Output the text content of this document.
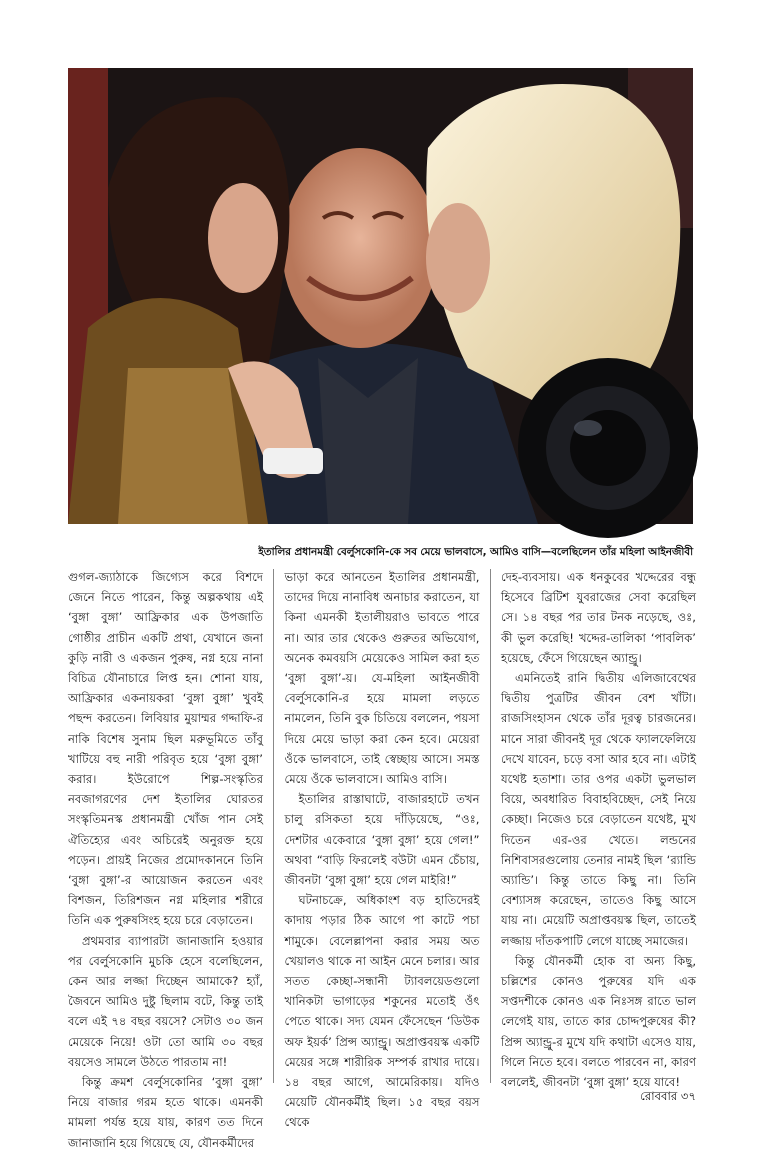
ইতালির প্রধানমন্ত্রী বের্লুসকোনি-কে সব মেয়ে ভালবাসে, আমিও বাসি—বলেছিলেন তাঁর মহিলা আইনজীবী

গুগল-জ্যাঠাকে জিগ্যেস করে বিশদে জেনে নিতে পারেন, কিন্তু অল্পকথায় এই ‘বুঙ্গা বুঙ্গা’ আফ্রিকার এক উপজাতি গোষ্ঠীর প্রাচীন একটি প্রথা, যেখানে জনা কুড়ি নারী ও একজন পুরুষ, নগ্ন হয়ে নানা বিচিত্র যৌনাচারে লিপ্ত হন। শোনা যায়, আফ্রিকার একনায়করা ‘বুঙ্গা বুঙ্গা’ খুবই পছন্দ করতেন। লিবিয়ার মুয়াম্মর গদ্দাফি-র নাকি বিশেষ সুনাম ছিল মরুভূমিতে তাঁবু খাটিয়ে বহু নারী পরিবৃত হয়ে ‘বুঙ্গা বুঙ্গা’ করার। ইউরোপে শিল্প-সংস্কৃতির নবজাগরণের দেশ ইতালির ঘোরতর সংস্কৃতিমনস্ক প্রধানমন্ত্রী খোঁজ পান সেই ঐতিহ্যের এবং অচিরেই অনুরক্ত হয়ে পড়েন। প্রায়ই নিজের প্রমোদকাননে তিনি ‘বুঙ্গা বুঙ্গা’-র আয়োজন করতেন এবং বিশজন, তিরিশজন নগ্ন মহিলার শরীরে তিনি এক পুরুষসিংহ হয়ে চরে বেড়াতেন।

প্রথমবার ব্যাপারটা জানাজানি হওয়ার পর বের্লুসকোনি মুচকি হেসে বলেছিলেন, কেন আর লজ্জা দিচ্ছেন আমাকে? হ্যাঁ, জৈবনে আমিও দুষ্টু ছিলাম বটে, কিন্তু তাই বলে এই ৭৪ বছর বয়সে? সেটাও ৩০ জন মেয়েকে নিয়ে! ওটা তো আমি ৩০ বছর বয়সেও সামলে উঠতে পারতাম না!

কিন্তু ক্রমশ বের্লুসকোনির ‘বুঙ্গা বুঙ্গা’ নিয়ে বাজার গরম হতে থাকে। এমনকী মামলা পর্যন্ত হয়ে যায়, কারণ তত দিনে জানাজানি হয়ে গিয়েছে যে, যৌনকর্মীদের

ভাড়া করে আনতেন ইতালির প্রধানমন্ত্রী, তাদের দিয়ে নানাবিধ অনাচার করাতেন, যা কিনা এমনকী ইতালীয়রাও ভাবতে পারে না। আর তার থেকেও গুরুতর অভিযোগ, অনেক কমবয়সি মেয়েকেও সামিল করা হত ‘বুঙ্গা বুঙ্গা’-য়। যে-মহিলা আইনজীবী বের্লুসকোনি-র হয়ে মামলা লড়তে নামলেন, তিনি বুক চিতিয়ে বললেন, পয়সা দিয়ে মেয়ে ভাড়া করা কেন হবে। মেয়েরা ওঁকে ভালবাসে, তাই স্বেচ্ছায় আসে। সমস্ত মেয়ে ওঁকে ভালবাসে। আমিও বাসি।

ইতালির রাস্তাঘাটে, বাজারহাটে তখন চালু রসিকতা হয়ে দাঁড়িয়েছে, “ওঃ, দেশটার একেবারে ‘বুঙ্গা বুঙ্গা’ হয়ে গেল!” অথবা “বাড়ি ফিরলেই বউটা এমন চেঁচায়, জীবনটা ‘বুঙ্গা বুঙ্গা’ হয়ে গেল মাইরি!”

ঘটনাচক্রে, অধিকাংশ বড় হাতিদেরই কাদায় পড়ার ঠিক আগে পা কাটে পচা শামুকে। বেলেল্লাপনা করার সময় অত খেয়ালও থাকে না আইন মেনে চলার। আর সতত কেচ্ছা-সন্ধানী ট্যাবলয়েডগুলো খানিকটা ভাগাড়ের শকুনের মতোই ওঁৎ পেতে থাকে। সদ্য যেমন ফেঁসেছেন ‘ডিউক অফ ইয়র্ক’ প্রিন্স অ্যান্ড্রু। অপ্রাপ্তবয়স্ক একটি মেয়ের সঙ্গে শারীরিক সম্পর্ক রাখার দায়ে। ১৪ বছর আগে, আমেরিকায়। যদিও মেয়েটি যৌনকর্মীই ছিল। ১৫ বছর বয়স থেকে

দেহ-ব্যবসায়। এক ধনকুবের খদ্দেরের বন্ধু হিসেবে ব্রিটিশ যুবরাজের সেবা করেছিল সে। ১৪ বছর পর তার টনক নড়েছে, ওঃ, কী ভুল করেছি! খদ্দের-তালিকা ‘পাবলিক’ হয়েছে, ফেঁসে গিয়েছেন অ্যান্ড্রু।

এমনিতেই রানি দ্বিতীয় এলিজাবেথের দ্বিতীয় পুত্রটির জীবন বেশ খাঁটা। রাজসিংহাসন থেকে তাঁর দূরত্ব চারজনের। মানে সারা জীবনই দূর থেকে ফ্যালফেলিয়ে দেখে যাবেন, চড়ে বসা আর হবে না। এটাই যথেষ্ট হতাশা। তার ওপর একটা ভুলভাল বিয়ে, অবধারিত বিবাহবিচ্ছেদ, সেই নিয়ে কেচ্ছা। নিজেও চরে বেড়াতেন যথেষ্ট, মুখ দিতেন এর-ওর খেতে। লন্ডনের নিশিবাসরগুলোয় তেনার নামই ছিল ‘র‍্যান্ডি অ্যান্ডি’। কিন্তু তাতে কিছু না। তিনি বেশ্যাসঙ্গ করেছেন, তাতেও কিছু আসে যায় না। মেয়েটি অপ্রাপ্তবয়স্ক ছিল, তাতেই লজ্জায় দাঁতকপাটি লেগে যাচ্ছে সমাজের।

কিন্তু যৌনকর্মী হোক বা অন্য কিছু, চল্লিশের কোনও পুরুষের যদি এক সপ্তদশীকে কোনও এক নিঃসঙ্গ রাতে ভাল লেগেই যায়, তাতে কার চোদ্দপুরুষের কী? প্রিন্স অ্যান্ড্রু-র মুখে যদি কথাটা এসেও যায়, গিলে নিতে হবে। বলতে পারবেন না, কারণ বললেই, জীবনটা ‘বুঙ্গা বুঙ্গা’ হয়ে যাবে!

রোববার ৩৭
